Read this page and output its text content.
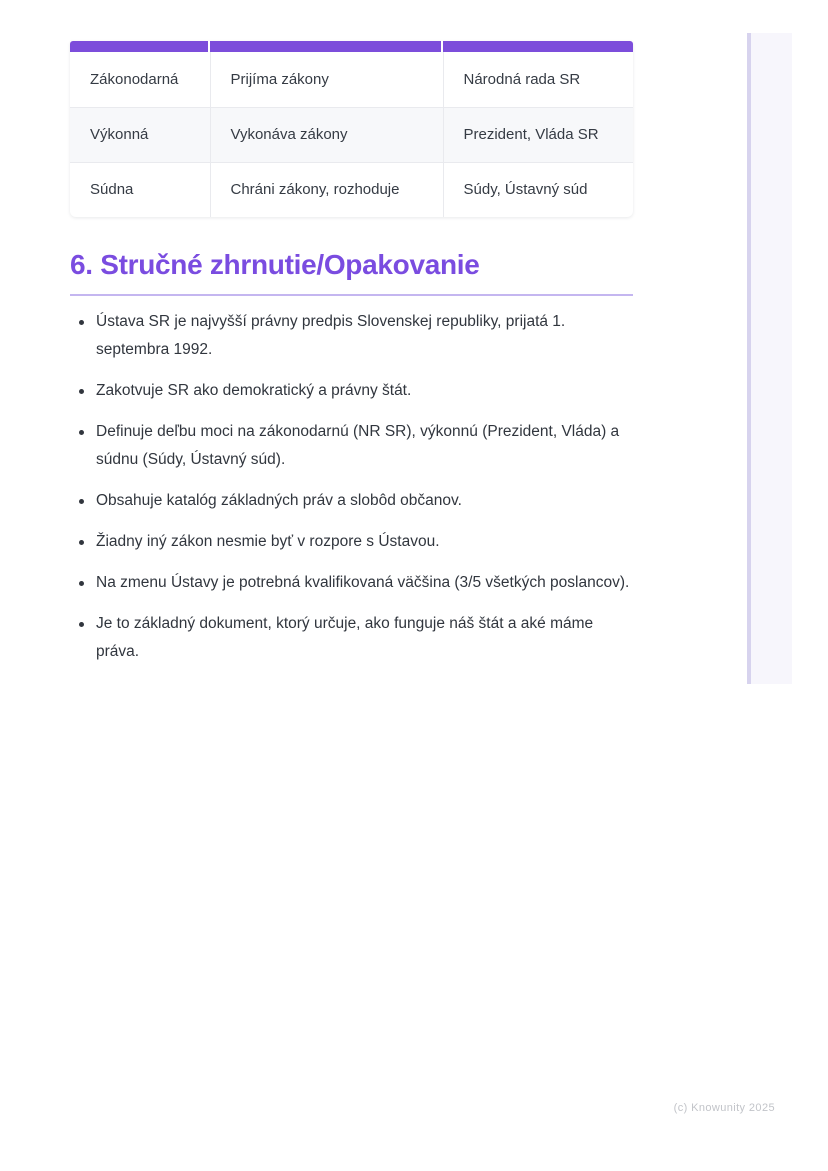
Zákonodarná	Prijíma zákony	Národná rada SR
Výkonná	Vykonáva zákony	Prezident, Vláda SR
Súdna	Chráni zákony, rozhoduje	Súdy, Ústavný súd
6. Stručné zhrnutie/Opakovanie
Ústava SR je najvyšší právny predpis Slovenskej republiky, prijatá 1. septembra 1992.
Zakotvuje SR ako demokratický a právny štát.
Definuje deľbu moci na zákonodarnú (NR SR), výkonnú (Prezident, Vláda) a súdnu (Súdy, Ústavný súd).
Obsahuje katalóg základných práv a slobôd občanov.
Žiadny iný zákon nesmie byť v rozpore s Ústavou.
Na zmenu Ústavy je potrebná kvalifikovaná väčšina (3/5 všetkých poslancov).
Je to základný dokument, ktorý určuje, ako funguje náš štát a aké máme práva.
(c) Knowunity 2025
